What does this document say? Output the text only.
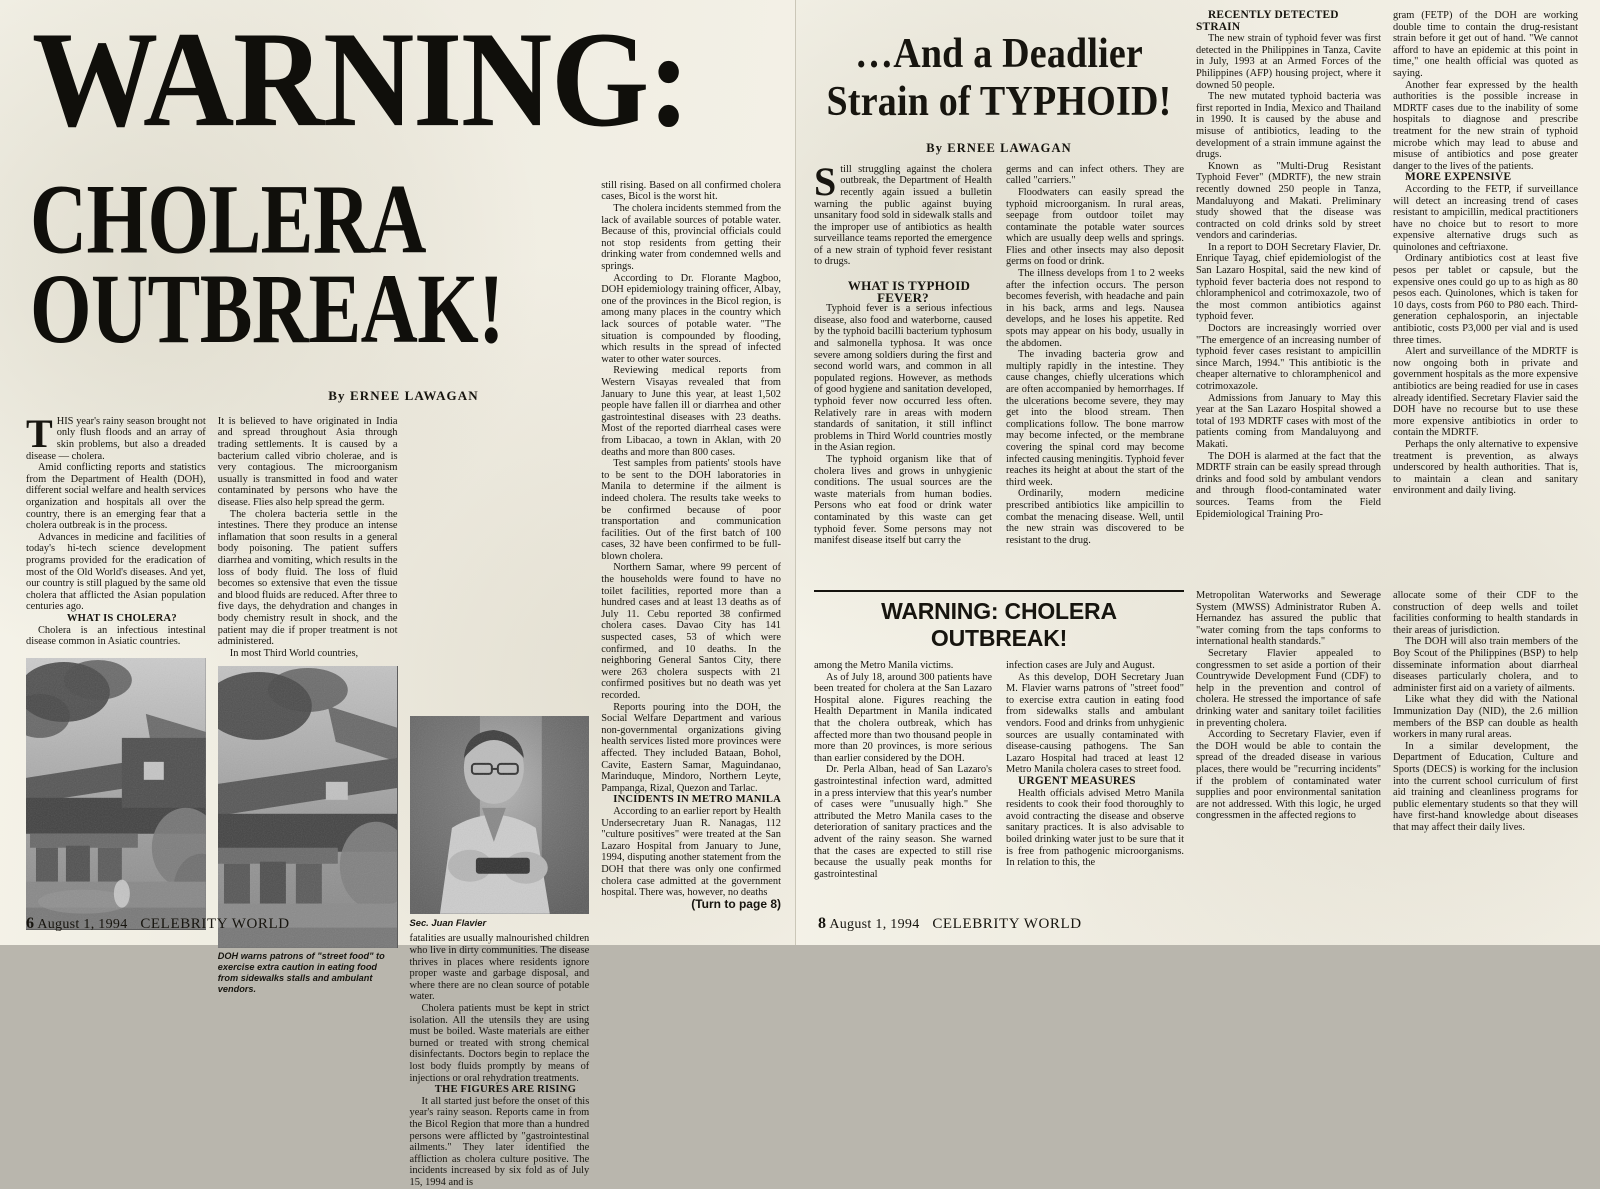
WARNING:
CHOLERA OUTBREAK!
By ERNEE LAWAGAN

THIS year's rainy season brought not only flush floods and an array of skin problems, but also a dreaded disease — cholera.

Amid conflicting reports and statistics from the Department of Health (DOH), different social welfare and health services organization and hospitals all over the country, there is an emerging fear that a cholera outbreak is in the process.

Advances in medicine and facilities of today's hi-tech science development programs provided for the eradication of most of the Old World's diseases. And yet, our country is still plagued by the same old cholera that afflicted the Asian population centuries ago.

WHAT IS CHOLERA?

Cholera is an infectious intestinal disease common in Asiatic countries.

It is believed to have originated in India and spread throughout Asia through trading settlements. It is caused by a bacterium called vibrio cholerae, and is very contagious. The microorganism usually is transmitted in food and water contaminated by persons who have the disease. Flies also help spread the germ.

The cholera bacteria settle in the intestines. There they produce an intense inflamation that soon results in a general body poisoning. The patient suffers diarrhea and vomiting, which results in the loss of body fluid. The loss of fluid becomes so extensive that even the tissue and blood fluids are reduced. After three to five days, the dehydration and changes in body chemistry result in shock, and the patient may die if proper treatment is not administered.

In most Third World countries,

DOH warns patrons of "street food" to exercise extra caution in eating food from sidewalks stalls and ambulant vendors.
Sec. Juan Flavier

fatalities are usually malnourished children who live in dirty communities. The disease thrives in places where residents ignore proper waste and garbage disposal, and where there are no clean source of potable water.

Cholera patients must be kept in strict isolation. All the utensils they are using must be boiled. Waste materials are either burned or treated with strong chemical disinfectants. Doctors begin to replace the lost body fluids promptly by means of injections or oral rehydration treatments.

THE FIGURES ARE RISING

It all started just before the onset of this year's rainy season. Reports came in from the Bicol Region that more than a hundred persons were afflicted by "gastrointestinal ailments." They later identified the affliction as cholera culture positive. The incidents increased by six fold as of July 15, 1994 and is

still rising. Based on all confirmed cholera cases, Bicol is the worst hit.

The cholera incidents stemmed from the lack of available sources of potable water. Because of this, provincial officials could not stop residents from getting their drinking water from condemned wells and springs.

According to Dr. Florante Magboo, DOH epidemiology training officer, Albay, one of the provinces in the Bicol region, is among many places in the country which lack sources of potable water. "The situation is compounded by flooding, which results in the spread of infected water to other water sources.

Reviewing medical reports from Western Visayas revealed that from January to June this year, at least 1,502 people have fallen ill or diarrhea and other gastrointestinal diseases with 23 deaths. Most of the reported diarrheal cases were from Libacao, a town in Aklan, with 20 deaths and more than 800 cases.

Test samples from patients' stools have to be sent to the DOH laboratories in Manila to determine if the ailment is indeed cholera. The results take weeks to be confirmed because of poor transportation and communication facilities. Out of the first batch of 100 cases, 32 have been confirmed to be full-blown cholera.

Northern Samar, where 99 percent of the households were found to have no toilet facilities, reported more than a hundred cases and at least 13 deaths as of July 11. Cebu reported 38 confirmed cholera cases. Davao City has 141 suspected cases, 53 of which were confirmed, and 10 deaths. In the neighboring General Santos City, there were 263 cholera suspects with 21 confirmed positives but no death was yet recorded.

Reports pouring into the DOH, the Social Welfare Department and various non-governmental organizations giving health services listed more provinces were affected. They included Bataan, Bohol, Cavite, Eastern Samar, Maguindanao, Marinduque, Mindoro, Northern Leyte, Pampanga, Rizal, Quezon and Tarlac.

INCIDENTS IN METRO MANILA

According to an earlier report by Health Undersecretary Juan R. Nanagas, 112 "culture positives" were treated at the San Lazaro Hospital from January to June, 1994, disputing another statement from the DOH that there was only one confirmed cholera case admitted at the government hospital. There was, however, no deaths

(Turn to page 8)

6 August 1, 1994 CELEBRITY WORLD
…And a Deadlier
Strain of TYPHOID!
By ERNEE LAWAGAN

Still struggling against the cholera outbreak, the Department of Health recently again issued a bulletin warning the public against buying unsanitary food sold in sidewalk stalls and the improper use of antibiotics as health surveillance teams reported the emergence of a new strain of typhoid fever resistant to drugs.

WHAT IS TYPHOID FEVER?

Typhoid fever is a serious infectious disease, also food and waterborne, caused by the typhoid bacilli bacterium typhosum and salmonella typhosa. It was once severe among soldiers during the first and second world wars, and common in all populated regions. However, as methods of good hygiene and sanitation developed, typhoid fever now occurred less often. Relatively rare in areas with modern standards of sanitation, it still inflinct problems in Third World countries mostly in the Asian region.

The typhoid organism like that of cholera lives and grows in unhygienic conditions. The usual sources are the waste materials from human bodies. Persons who eat food or drink water contaminated by this waste can get typhoid fever. Some persons may not manifest disease itself but carry the

germs and can infect others. They are called "carriers."

Floodwaters can easily spread the typhoid microorganism. In rural areas, seepage from outdoor toilet may contaminate the potable water sources which are usually deep wells and springs. Flies and other insects may also deposit germs on food or drink.

The illness develops from 1 to 2 weeks after the infection occurs. The person becomes feverish, with headache and pain in his back, arms and legs. Nausea develops, and he loses his appetite. Red spots may appear on his body, usually in the abdomen.

The invading bacteria grow and multiply rapidly in the intestine. They cause changes, chiefly ulcerations which are often accompanied by hemorrhages. If the ulcerations become severe, they may get into the blood stream. Then complications follow. The bone marrow may become infected, or the membrane covering the spinal cord may become infected causing meningitis. Typhoid fever reaches its height at about the start of the third week.

Ordinarily, modern medicine prescribed antibiotics like ampicillin to combat the menacing disease. Well, until the new strain was discovered to be resistant to the drug.

RECENTLY DETECTED STRAIN

The new strain of typhoid fever was first detected in the Philippines in Tanza, Cavite in July, 1993 at an Armed Forces of the Philippines (AFP) housing project, where it downed 50 people.

The new mutated typhoid bacteria was first reported in India, Mexico and Thailand in 1990. It is caused by the abuse and misuse of antibiotics, leading to the development of a strain immune against the drugs.

Known as "Multi-Drug Resistant Typhoid Fever" (MDRTF), the new strain recently downed 250 people in Tanza, Mandaluyong and Makati. Preliminary study showed that the disease was contracted on cold drinks sold by street vendors and carinderias.

In a report to DOH Secretary Flavier, Dr. Enrique Tayag, chief epidemiologist of the San Lazaro Hospital, said the new kind of typhoid fever bacteria does not respond to chloramphenicol and cotrimoxazole, two of the most common antibiotics against typhoid fever.

Doctors are increasingly worried over "The emergence of an increasing number of typhoid fever cases resistant to ampicillin since March, 1994." This antibiotic is the cheaper alternative to chloramphenicol and cotrimoxazole.

Admissions from January to May this year at the San Lazaro Hospital showed a total of 193 MDRTF cases with most of the patients coming from Mandaluyong and Makati.

The DOH is alarmed at the fact that the MDRTF strain can be easily spread through drinks and food sold by ambulant vendors and through flood-contaminated water sources. Teams from the Field Epidemiological Training Pro-

gram (FETP) of the DOH are working double time to contain the drug-resistant strain before it get out of hand. "We cannot afford to have an epidemic at this point in time," one health official was quoted as saying.

Another fear expressed by the health authorities is the possible increase in MDRTF cases due to the inability of some hospitals to diagnose and prescribe treatment for the new strain of typhoid microbe which may lead to abuse and misuse of antibiotics and pose greater danger to the lives of the patients.

MORE EXPENSIVE

According to the FETP, if surveillance will detect an increasing trend of cases resistant to ampicillin, medical practitioners have no choice but to resort to more expensive alternative drugs such as quinolones and ceftriaxone.

Ordinary antibiotics cost at least five pesos per tablet or capsule, but the expensive ones could go up to as high as 80 pesos each. Quinolones, which is taken for 10 days, costs from P60 to P80 each. Third-generation cephalosporin, an injectable antibiotic, costs P3,000 per vial and is used three times.

Alert and surveillance of the MDRTF is now ongoing both in private and government hospitals as the more expensive antibiotics are being readied for use in cases already identified. Secretary Flavier said the DOH have no recourse but to use these more expensive antibiotics in order to contain the MDRTF.

Perhaps the only alternative to expensive treatment is prevention, as always underscored by health authorities. That is, to maintain a clean and sanitary environment and daily living.

WARNING: CHOLERA OUTBREAK!

among the Metro Manila victims.

As of July 18, around 300 patients have been treated for cholera at the San Lazaro Hospital alone. Figures reaching the Health Department in Manila indicated that the cholera outbreak, which has affected more than two thousand people in more than 20 provinces, is more serious than earlier considered by the DOH.

Dr. Perla Alban, head of San Lazaro's gastrointestinal infection ward, admitted in a press interview that this year's number of cases were "unusually high." She attributed the Metro Manila cases to the deterioration of sanitary practices and the advent of the rainy season. She warned that the cases are expected to still rise because the usually peak months for gastrointestinal

infection cases are July and August.

As this develop, DOH Secretary Juan M. Flavier warns patrons of "street food" to exercise extra caution in eating food from sidewalks stalls and ambulant vendors. Food and drinks from unhygienic sources are usually contaminated with disease-causing pathogens. The San Lazaro Hospital had traced at least 12 Metro Manila cholera cases to street food.

URGENT MEASURES

Health officials advised Metro Manila residents to cook their food thoroughly to avoid contracting the disease and observe sanitary practices. It is also advisable to boiled drinking water just to be sure that it is free from pathogenic microorganisms. In relation to this, the

Metropolitan Waterworks and Sewerage System (MWSS) Administrator Ruben A. Hernandez has assured the public that "water coming from the taps conforms to international health standards."

Secretary Flavier appealed to congressmen to set aside a portion of their Countrywide Development Fund (CDF) to help in the prevention and control of cholera. He stressed the importance of safe drinking water and sanitary toilet facilities in preventing cholera.

According to Secretary Flavier, even if the DOH would be able to contain the spread of the dreaded disease in various places, there would be "recurring incidents" if the problem of contaminated water supplies and poor environmental sanitation are not addressed. With this logic, he urged congressmen in the affected regions to

allocate some of their CDF to the construction of deep wells and toilet facilities conforming to health standards in their areas of jurisdiction.

The DOH will also train members of the Boy Scout of the Philippines (BSP) to help disseminate information about diarrheal diseases particularly cholera, and to administer first aid on a variety of ailments.

Like what they did with the National Immunization Day (NID), the 2.6 million members of the BSP can double as health workers in many rural areas.

In a similar development, the Department of Education, Culture and Sports (DECS) is working for the inclusion into the current school curriculum of first aid training and cleanliness programs for public elementary students so that they will have first-hand knowledge about diseases that may affect their daily lives.

8 August 1, 1994 CELEBRITY WORLD
